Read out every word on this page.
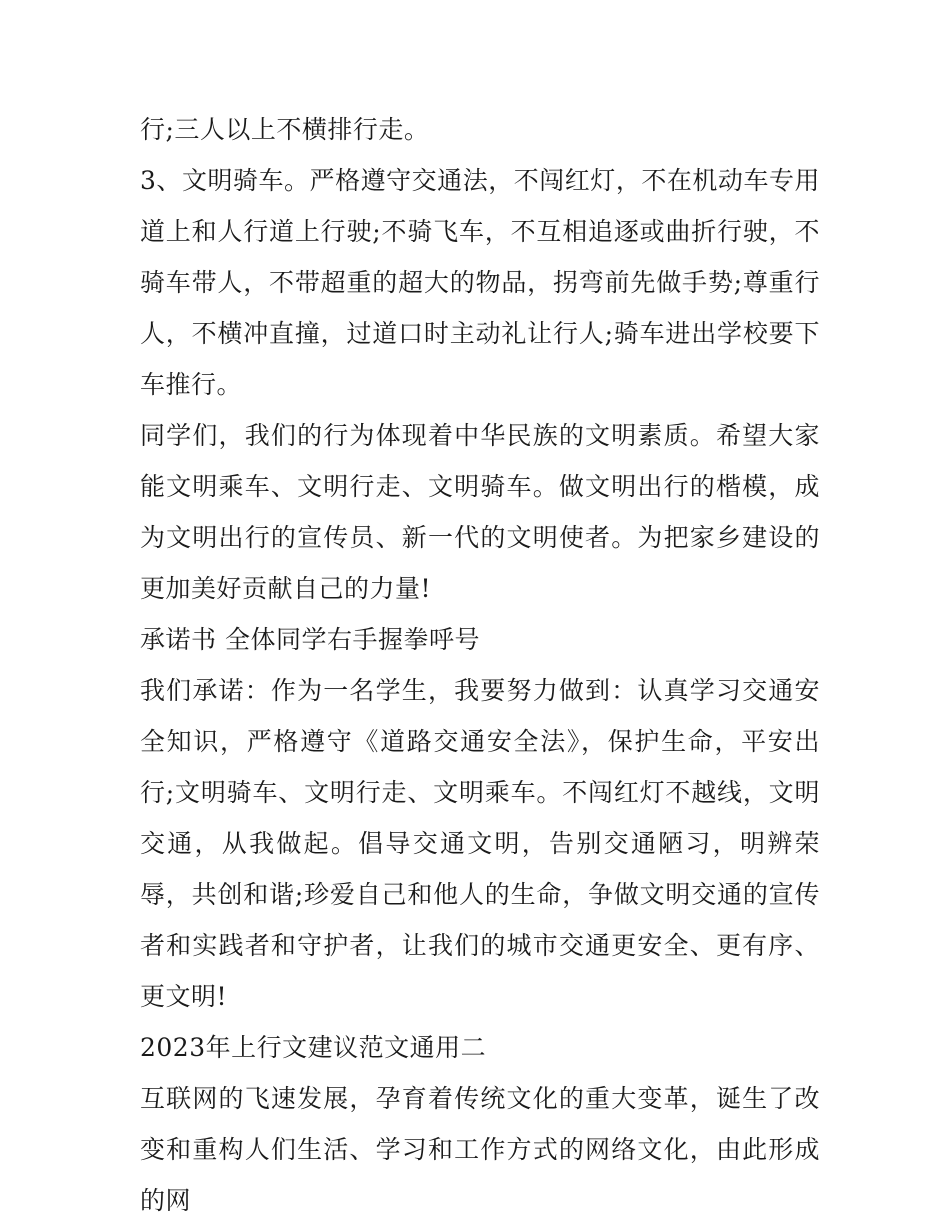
行;三人以上不横排行走。

3、文明骑车。严格遵守交通法，不闯红灯，不在机动车专用道上和人行道上行驶;不骑飞车，不互相追逐或曲折行驶，不骑车带人，不带超重的超大的物品，拐弯前先做手势;尊重行人，不横冲直撞，过道口时主动礼让行人;骑车进出学校要下车推行。

同学们，我们的行为体现着中华民族的文明素质。希望大家能文明乘车、文明行走、文明骑车。做文明出行的楷模，成为文明出行的宣传员、新一代的文明使者。为把家乡建设的更加美好贡献自己的力量!

承诺书 全体同学右手握拳呼号

我们承诺：作为一名学生，我要努力做到：认真学习交通安全知识，严格遵守《道路交通安全法》，保护生命，平安出行;文明骑车、文明行走、文明乘车。不闯红灯不越线，文明交通，从我做起。倡导交通文明，告别交通陋习，明辨荣辱，共创和谐;珍爱自己和他人的生命，争做文明交通的宣传者和实践者和守护者，让我们的城市交通更安全、更有序、更文明!

2023年上行文建议范文通用二

互联网的飞速发展，孕育着传统文化的重大变革，诞生了改变和重构人们生活、学习和工作方式的网络文化，由此形成的网
